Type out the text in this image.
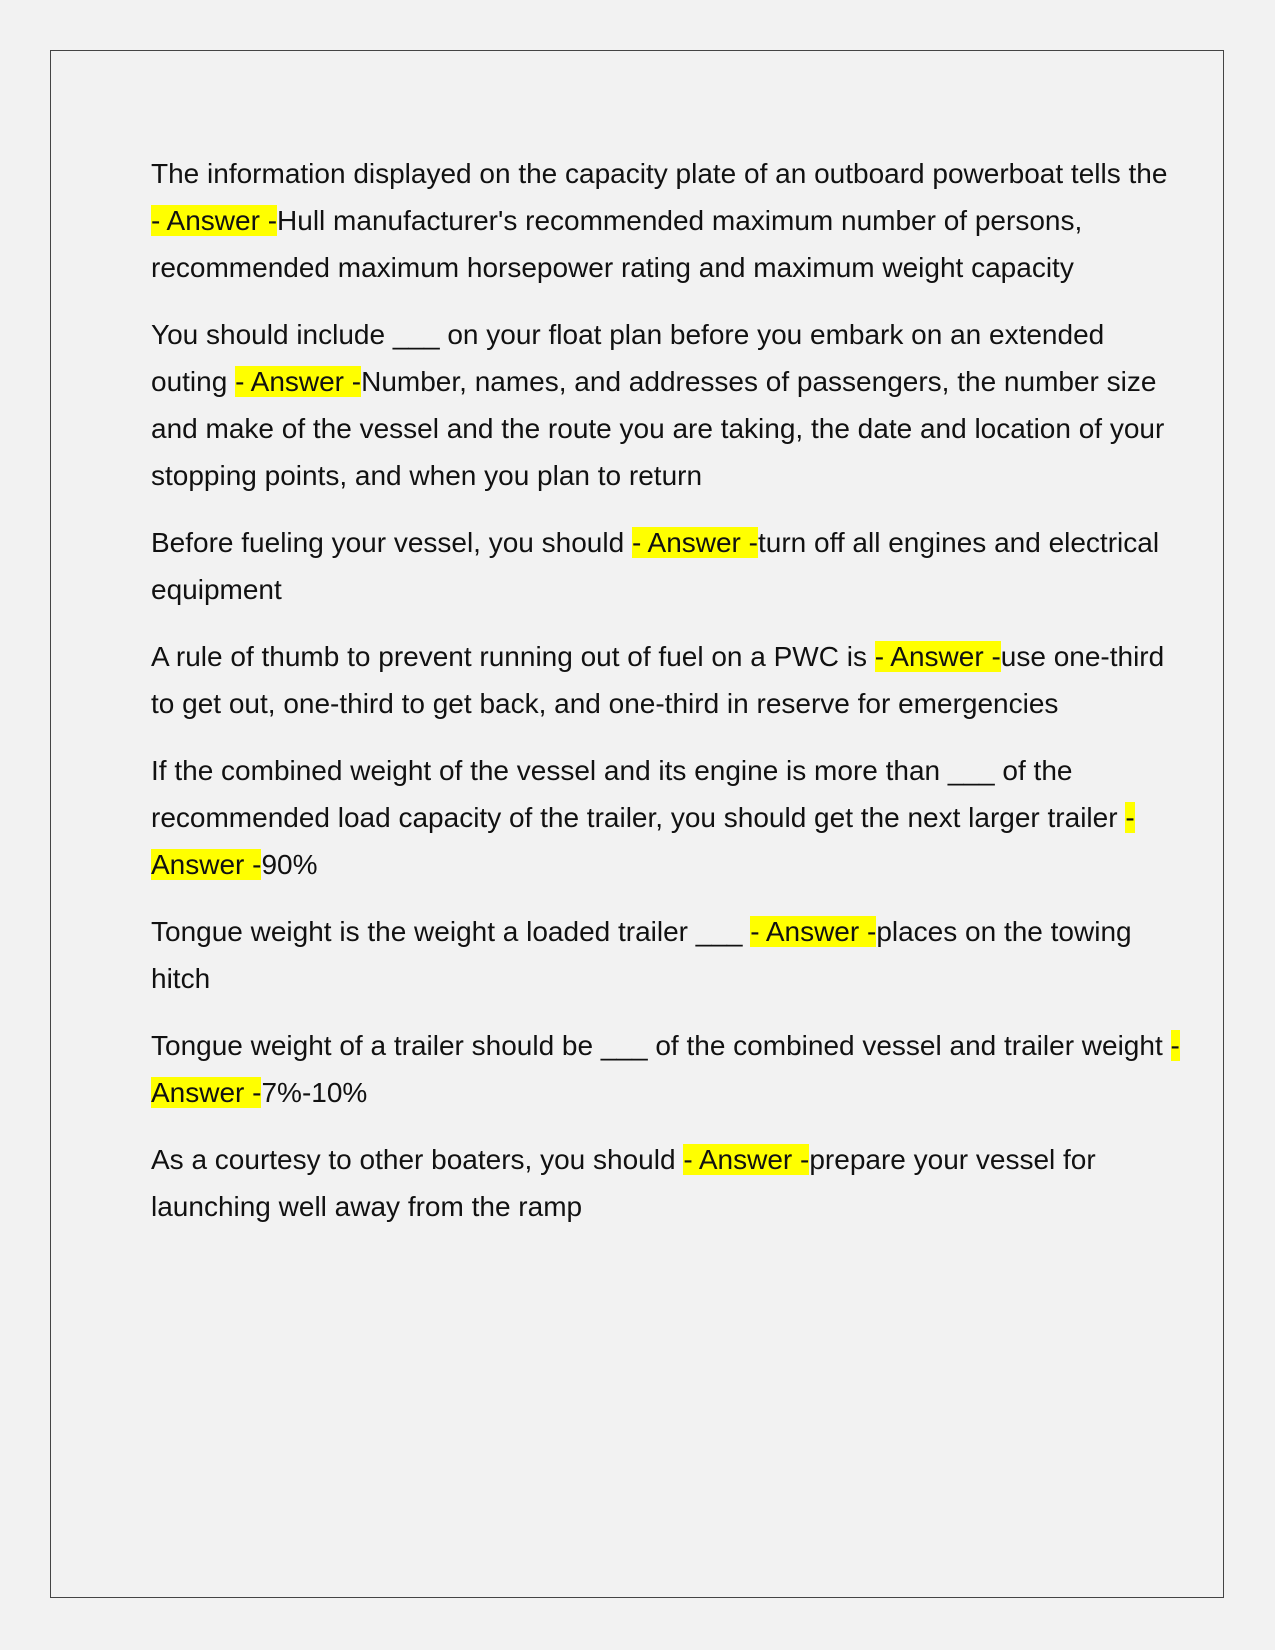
The information displayed on the capacity plate of an outboard powerboat tells the - Answer -Hull manufacturer's recommended maximum number of persons, recommended maximum horsepower rating and maximum weight capacity

You should include ___ on your float plan before you embark on an extended outing - Answer -Number, names, and addresses of passengers, the number size and make of the vessel and the route you are taking, the date and location of your stopping points, and when you plan to return

Before fueling your vessel, you should - Answer -turn off all engines and electrical equipment

A rule of thumb to prevent running out of fuel on a PWC is - Answer -use one-third to get out, one-third to get back, and one-third in reserve for emergencies

If the combined weight of the vessel and its engine is more than ___ of the recommended load capacity of the trailer, you should get the next larger trailer - Answer -90%

Tongue weight is the weight a loaded trailer ___ - Answer -places on the towing hitch

Tongue weight of a trailer should be ___ of the combined vessel and trailer weight - Answer -7%-10%

As a courtesy to other boaters, you should - Answer -prepare your vessel for launching well away from the ramp
